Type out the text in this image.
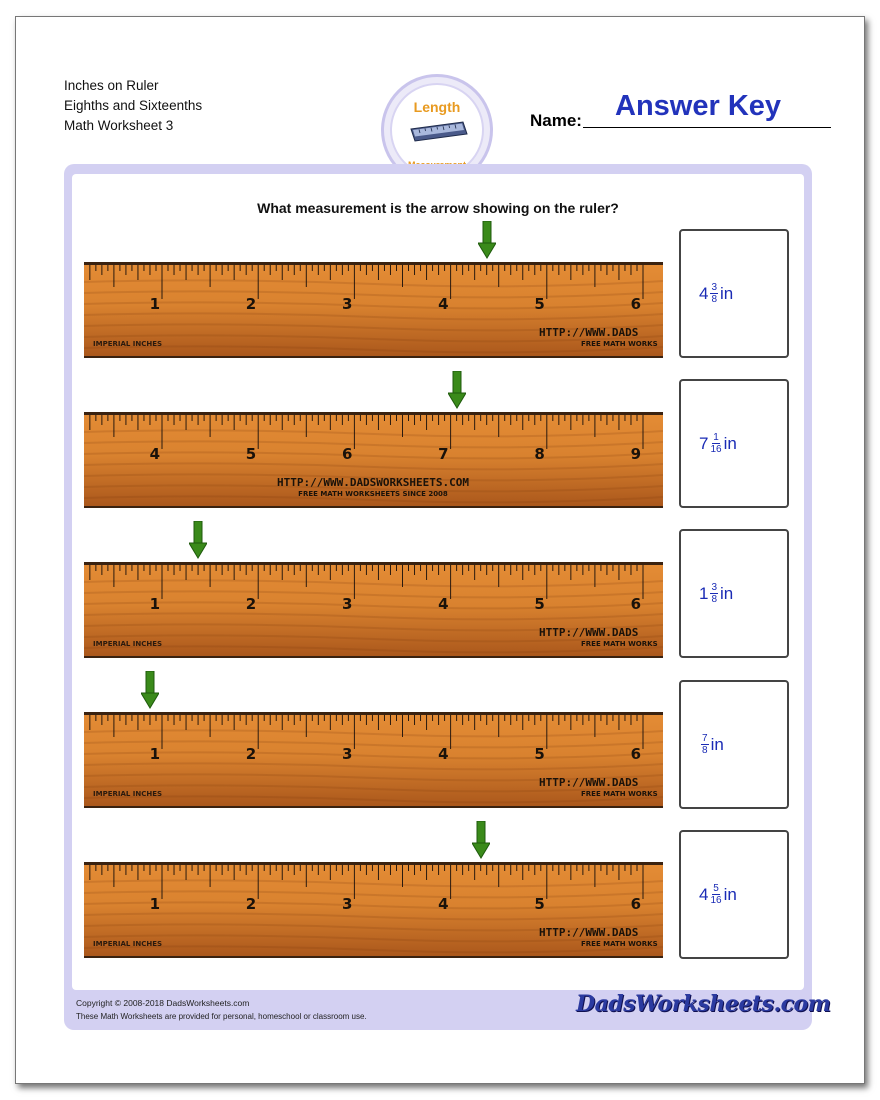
Inches on Ruler
Eighths and Sixteenths
Math Worksheet 3
Length
Name: Answer Key
What measurement is the arrow showing on the ruler?
Copyright © 2008-2018 DadsWorksheets.com
These Math Worksheets are provided for personal, homeschool or classroom use.	DadsWorksheets.com
1	2	3	4	5	6
IMPERIAL INCHES
HTTP://WWW.DADS
FREE MATH WORKS
$4 \frac{3}{8}$ in
4	5	6	7	8	9
HTTP://WWW.DADSWORKSHEETS.COM
FREE MATH WORKSHEETS SINCE 2008
$7 \frac{1}{16}$ in
1	2	3	4	5	6
IMPERIAL INCHES
HTTP://WWW.DADS
FREE MATH WORKS
$1 \frac{3}{8}$ in
1	2	3	4	5	6
IMPERIAL INCHES
HTTP://WWW.DADS
FREE MATH WORKS
$\frac{7}{8}$ in
1	2	3	4	5	6
IMPERIAL INCHES
HTTP://WWW.DADS
FREE MATH WORKS
$4 \frac{5}{16}$ in
